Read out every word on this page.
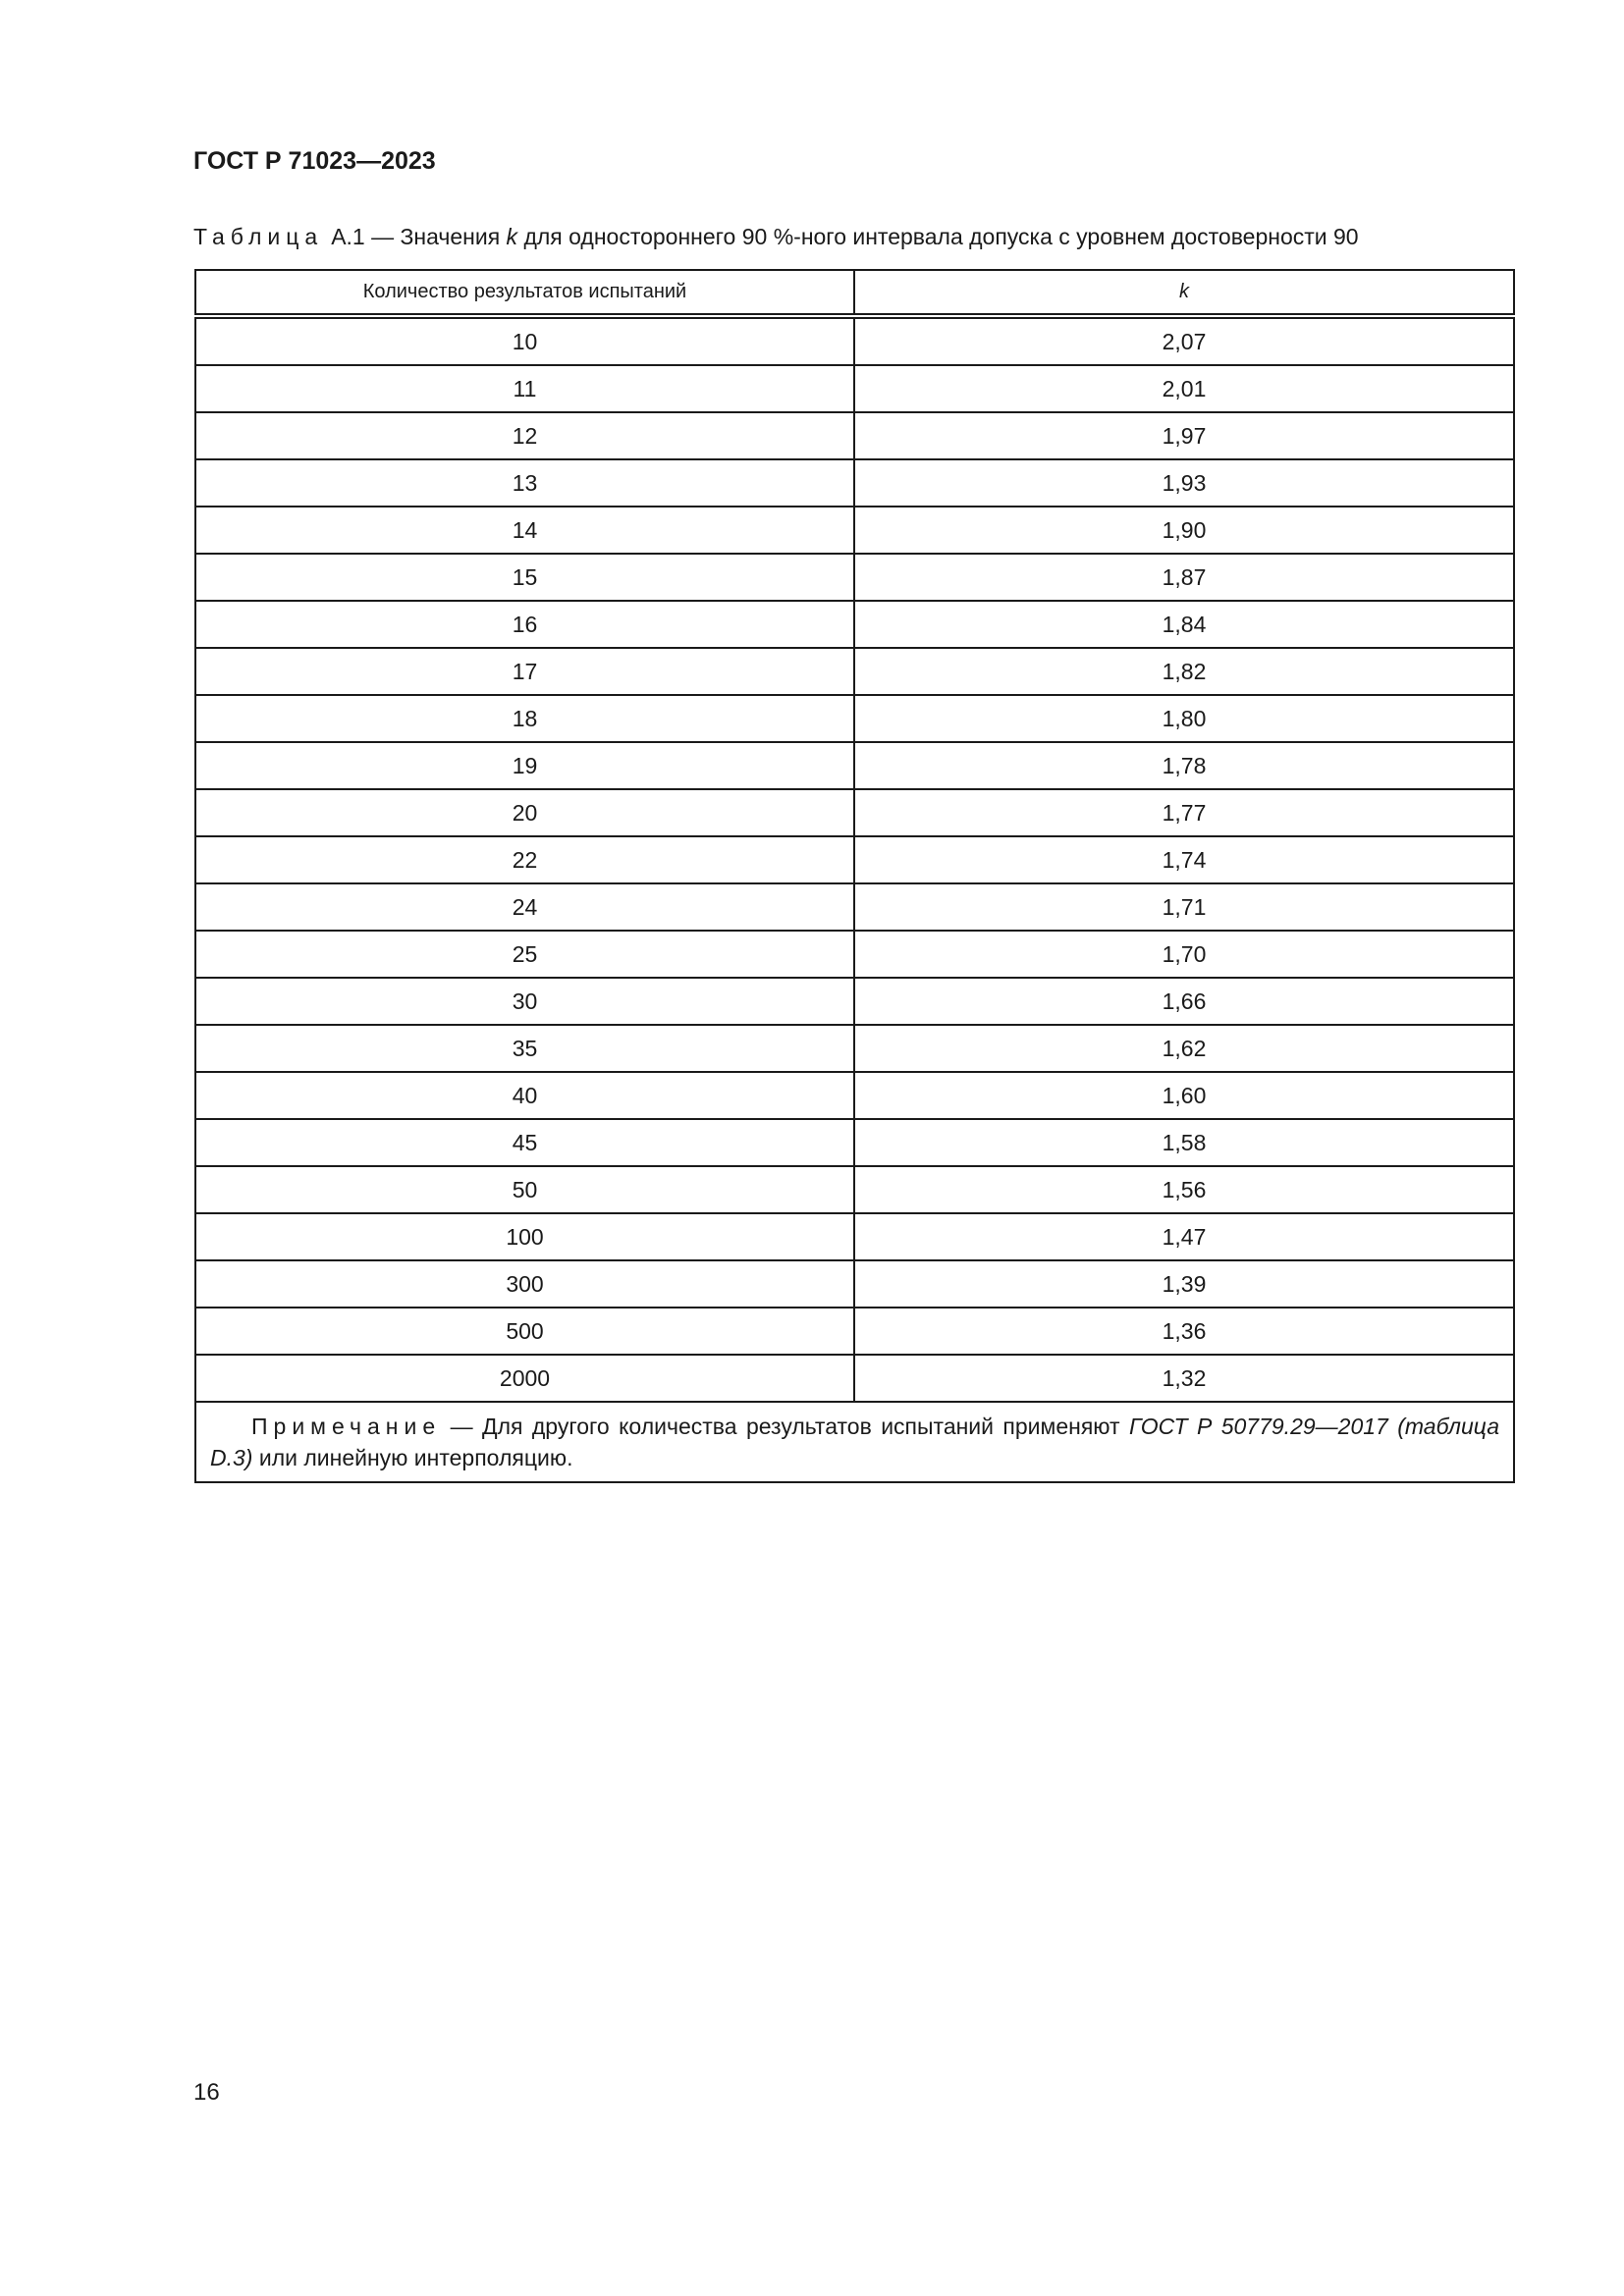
ГОСТ Р 71023—2023

Таблица А.1 — Значения k для одностороннего 90 %-ного интервала допуска с уровнем достоверности 90

Количество результатов испытаний	k
10	2,07
11	2,01
12	1,97
13	1,93
14	1,90
15	1,87
16	1,84
17	1,82
18	1,80
19	1,78
20	1,77
22	1,74
24	1,71
25	1,70
30	1,66
35	1,62
40	1,60
45	1,58
50	1,56
100	1,47
300	1,39
500	1,36
2000	1,32
Примечание — Для другого количества результатов испытаний применяют ГОСТ Р 50779.29—2017 (таблица D.3) или линейную интерполяцию.	

16
